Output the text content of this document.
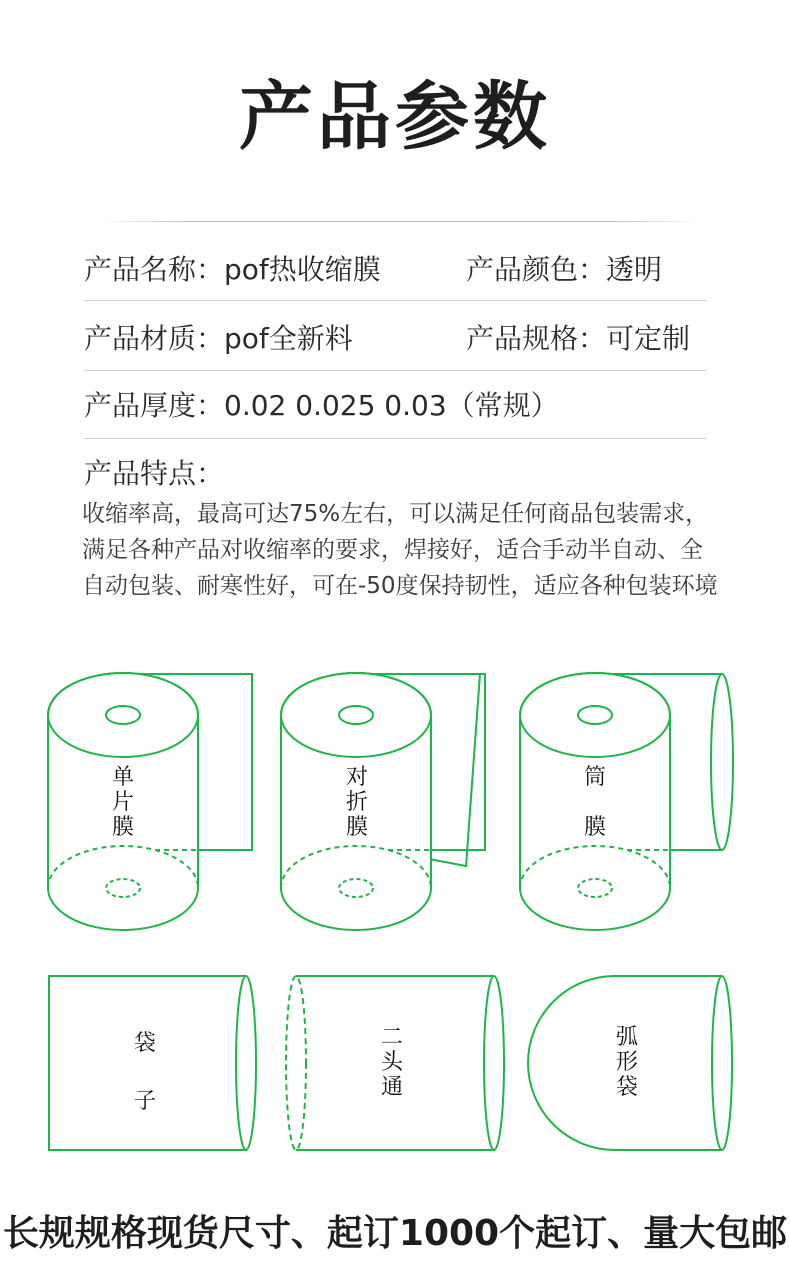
产品参数
产品名称：pof热收缩膜	产品颜色：透明
产品材质：pof全新料	产品规格：可定制
产品厚度：0.02 0.025 0.03（常规）
产品特点：
收缩率高，最高可达75%左右，可以满足任何商品包装需求，满足各种产品对收缩率的要求，焊接好，适合手动半自动、全自动包装、耐寒性好，可在-50度保持韧性，适应各种包装环境
单
片
膜
对
折
膜
筒
膜
袋
子
二
头
通
弧
形
袋
长规规格现货尺寸、起订1000个起订、量大包邮
